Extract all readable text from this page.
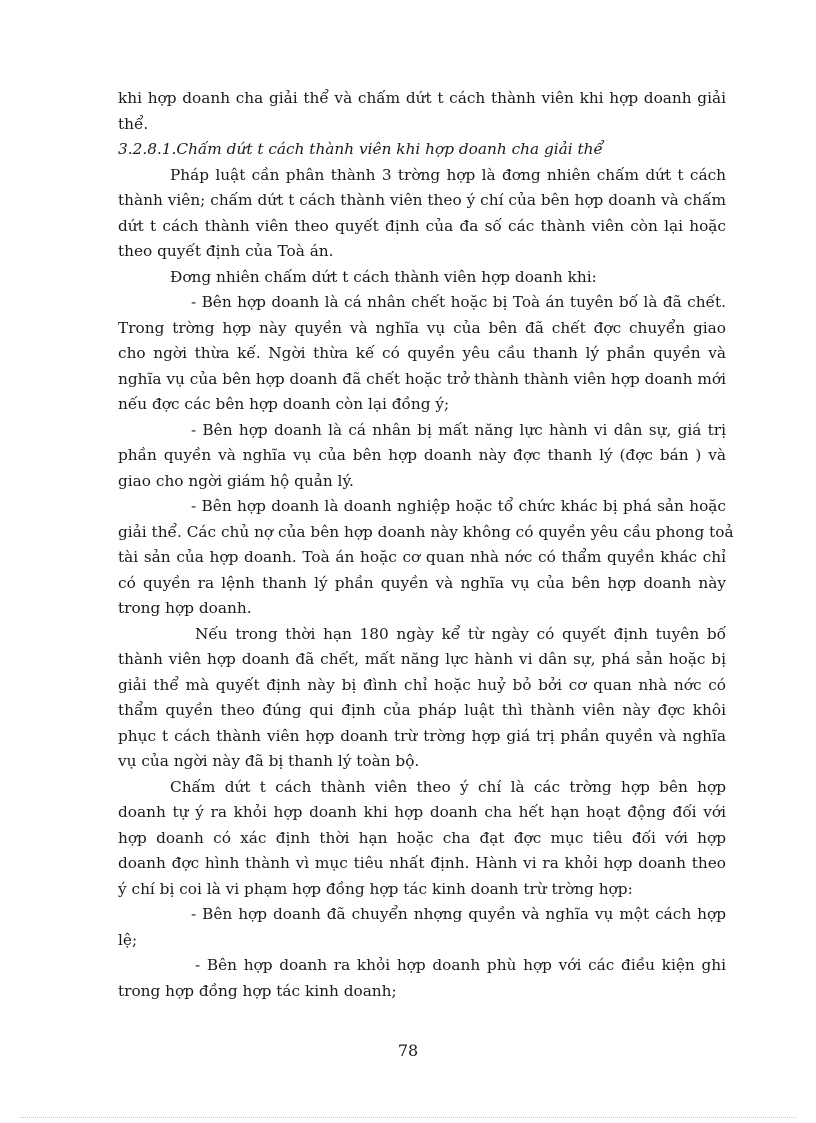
khi hợp doanh cha giải thể và chấm dứt t cách thành viên khi hợp doanh giải
thể.
3.2.8.1.Chấm dứt t cách thành viên khi hợp doanh cha giải thể
Pháp luật cần phân thành 3 trờng hợp là đơng nhiên chấm dứt t cách
thành viên; chấm dứt t cách thành viên theo ý chí của bên hợp doanh và chấm
dứt t cách thành viên theo quyết định của đa số các thành viên còn lại hoặc
theo quyết định của Toà án.
Đơng nhiên chấm dứt t cách thành viên hợp doanh khi:
- Bên hợp doanh là cá nhân chết hoặc bị Toà án tuyên bố là đã chết.
Trong trờng hợp này quyền và nghĩa vụ của bên đã chết đợc chuyển giao
cho ngời thừa kế. Ngời thừa kế có quyền yêu cầu thanh lý phần quyền và
nghĩa vụ của bên hợp doanh đã chết hoặc trở thành thành viên hợp doanh mới
nếu đợc các bên hợp doanh còn lại đồng ý;
- Bên hợp doanh là cá nhân bị mất năng lực hành vi dân sự, giá trị
phần quyền và nghĩa vụ của bên hợp doanh này đợc thanh lý (đợc bán ) và
giao cho ngời giám hộ quản lý.
- Bên hợp doanh là doanh nghiệp hoặc tổ chức khác bị phá sản hoặc
giải thể. Các chủ nợ của bên hợp doanh này không có quyền yêu cầu phong toả
tài sản của hợp doanh. Toà án hoặc cơ quan nhà nớc có thẩm quyền khác chỉ
có quyền ra lệnh thanh lý phần quyền và nghĩa vụ của bên hợp doanh này
trong hợp doanh.
Nếu trong thời hạn 180 ngày kể từ ngày có quyết định tuyên bố
thành viên hợp doanh đã chết, mất năng lực hành vi dân sự, phá sản hoặc bị
giải thể mà quyết định này bị đình chỉ hoặc huỷ bỏ bởi cơ quan nhà nớc có
thẩm quyền theo đúng qui định của pháp luật thì thành viên này đợc khôi
phục t cách thành viên hợp doanh trừ trờng hợp giá trị phần quyền và nghĩa
vụ của ngời này đã bị thanh lý toàn bộ.
Chấm dứt t cách thành viên theo ý chí là các trờng hợp bên hợp
doanh tự ý ra khỏi hợp doanh khi hợp doanh cha hết hạn hoạt động đối với
hợp doanh có xác định thời hạn hoặc cha đạt đợc mục tiêu đối với hợp
doanh đợc hình thành vì mục tiêu nhất định. Hành vi ra khỏi hợp doanh theo
ý chí bị coi là vi phạm hợp đồng hợp tác kinh doanh trừ trờng hợp:
- Bên hợp doanh đã chuyển nhợng quyền và nghĩa vụ một cách hợp
lệ;
- Bên hợp doanh ra khỏi hợp doanh phù hợp với các điều kiện ghi
trong hợp đồng hợp tác kinh doanh;
78
